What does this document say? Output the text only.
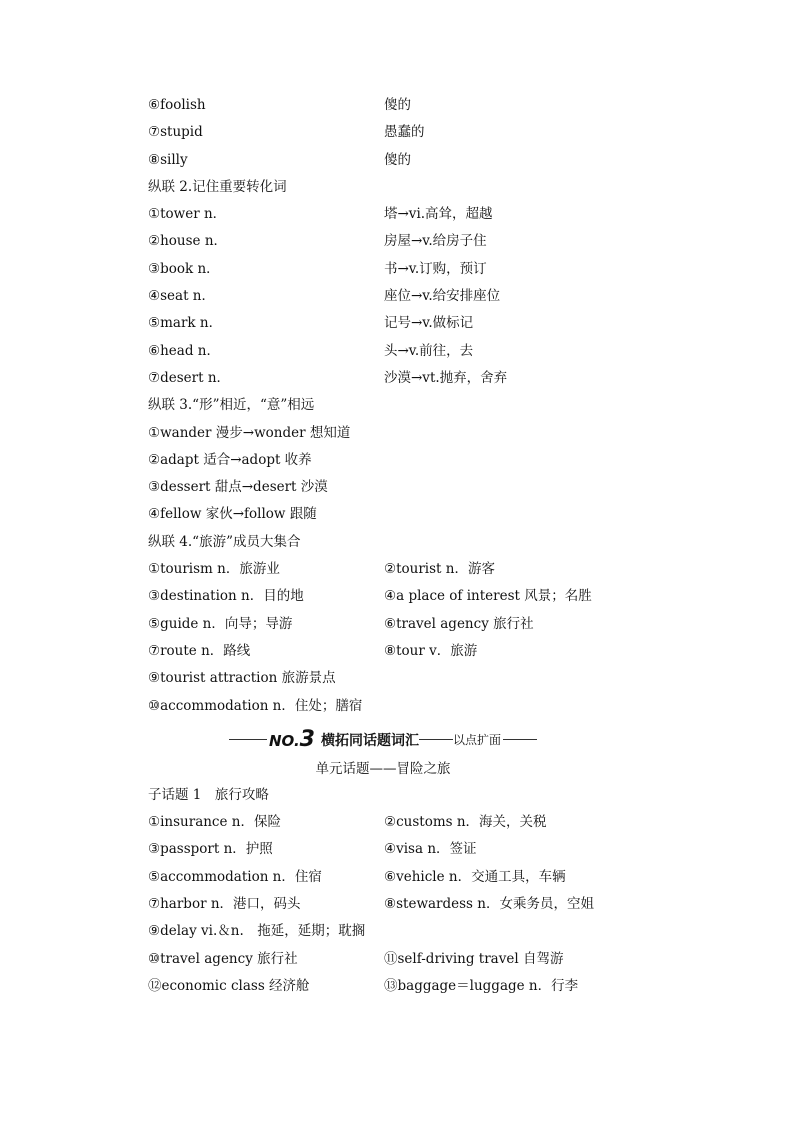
⑥foolish	傻的
⑦stupid	愚蠢的
⑧silly	傻的
纵联 2.记住重要转化词
①tower n．	塔→vi.高耸，超越
②house n．	房屋→v.给房子住
③book n．	书→v.订购，预订
④seat n．	座位→v.给安排座位
⑤mark n．	记号→v.做标记
⑥head n．	头→v.前往，去
⑦desert n．	沙漠→vt.抛弃，舍弃
纵联 3.“形”相近，“意”相远
①wander 漫步→wonder 想知道
②adapt 适合→adopt 收养
③dessert 甜点→desert 沙漠
④fellow 家伙→follow 跟随
纵联 4.“旅游”成员大集合
①tourism n．旅游业	②tourist n．游客
③destination n．目的地	④a place of interest 风景；名胜
⑤guide n．向导；导游	⑥travel agency 旅行社
⑦route n．路线	⑧tour v．旅游
⑨tourist attraction 旅游景点
⑩accommodation n．住处；膳宿
NO.3 横拓同话题词汇	以点扩面
单元话题——冒险之旅
子话题 1　旅行攻略
①insurance n．保险	②customs n．海关，关税
③passport n．护照	④visa n．签证
⑤accommodation n．住宿	⑥vehicle n．交通工具，车辆
⑦harbor n．港口，码头	⑧stewardess n．女乘务员，空姐
⑨delay vi.＆n.　拖延，延期；耽搁
⑩travel agency 旅行社	⑪self-driving travel 自驾游
⑫economic class 经济舱	⑬baggage＝luggage n．行李
